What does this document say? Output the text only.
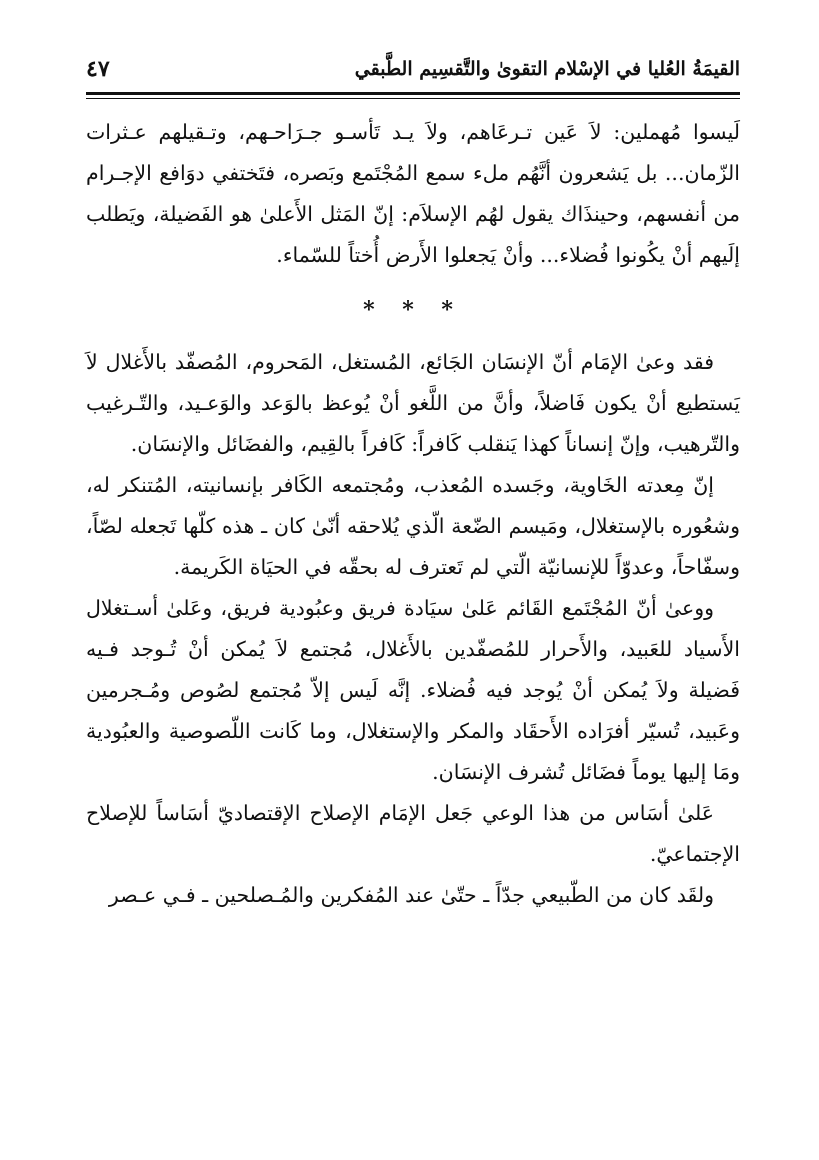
القيمَةُ العُليا في الإسْلام التقوىٰ والتَّقسِيم الطَّبقي
٤٧

لَيسوا مُهملين: لاَ عَين تـرعَاهم، ولاَ يـد تَأسـو جـرَاحـهم، وتـقيلهم عـثرات الزّمان... بل يَشعرون أنَّهُم ملء سمع المُجْتَمع وبَصره، فتَختفي دوَافع الإجـرام من أنفسهم، وحينذَاك يقول لهُم الإسلاَم: إنّ المَثل الأَعلىٰ هو الفَضيلة، ويَطلب إلَيهم أنْ يكُونوا فُضلاء... وأنْ يَجعلوا الأَرض أُختاً للسّماء.

* * *

فقد وعىٰ الإمَام أنّ الإنسَان الجَائع، المُستغل، المَحروم، المُصفّد بالأَغلال لاَ يَستطيع أنْ يكون فَاضلاً، وأنَّ من اللَّغو أنْ يُوعظ بالوَعد والوَعـيد، والتّـرغيب والتّرهيب، وإنّ إنساناً كهذا يَنقلب كَافراً: كَافراً بالقِيم، والفضَائل والإنسَان.

إنّ مِعدته الخَاوية، وجَسده المُعذب، ومُجتمعه الكَافر بإنسانيته، المُتنكر له، وشعُوره بالإستغلال، ومَيسم الضّعة الّذي يُلاحقه أنّىٰ كان ـ هذه كلّها تَجعله لصّاً، وسفّاحاً، وعدوّاً للإنسانيّة الّتي لم تَعترف له بحقّه في الحيَاة الكَريمة.

ووعىٰ أنّ المُجْتَمع القَائم عَلىٰ سيَادة فريق وعبُودية فريق، وعَلىٰ أسـتغلال الأَسياد للعَبيد، والأَحرار للمُصفّدين بالأَغلال، مُجتمع لاَ يُمكن أنْ تُـوجد فـيه فَضيلة ولاَ يُمكن أنْ يُوجد فيه فُضلاء. إنَّه لَيس إلاّ مُجتمع لصُوص ومُـجرمين وعَبيد، تُسيّر أفرَاده الأَحقَاد والمكر والإستغلال، وما كَانت اللّصوصية والعبُودية ومَا إليها يوماً فضَائل تُشرف الإنسَان.

عَلىٰ أسَاس من هذا الوعي جَعل الإمَام الإصلاح الإقتصاديّ أسَاساً للإصلاح الإجتماعيّ.

ولقَد كان من الطّبيعي جدّاً ـ حتّىٰ عند المُفكرين والمُـصلحين ـ فـي عـصر
